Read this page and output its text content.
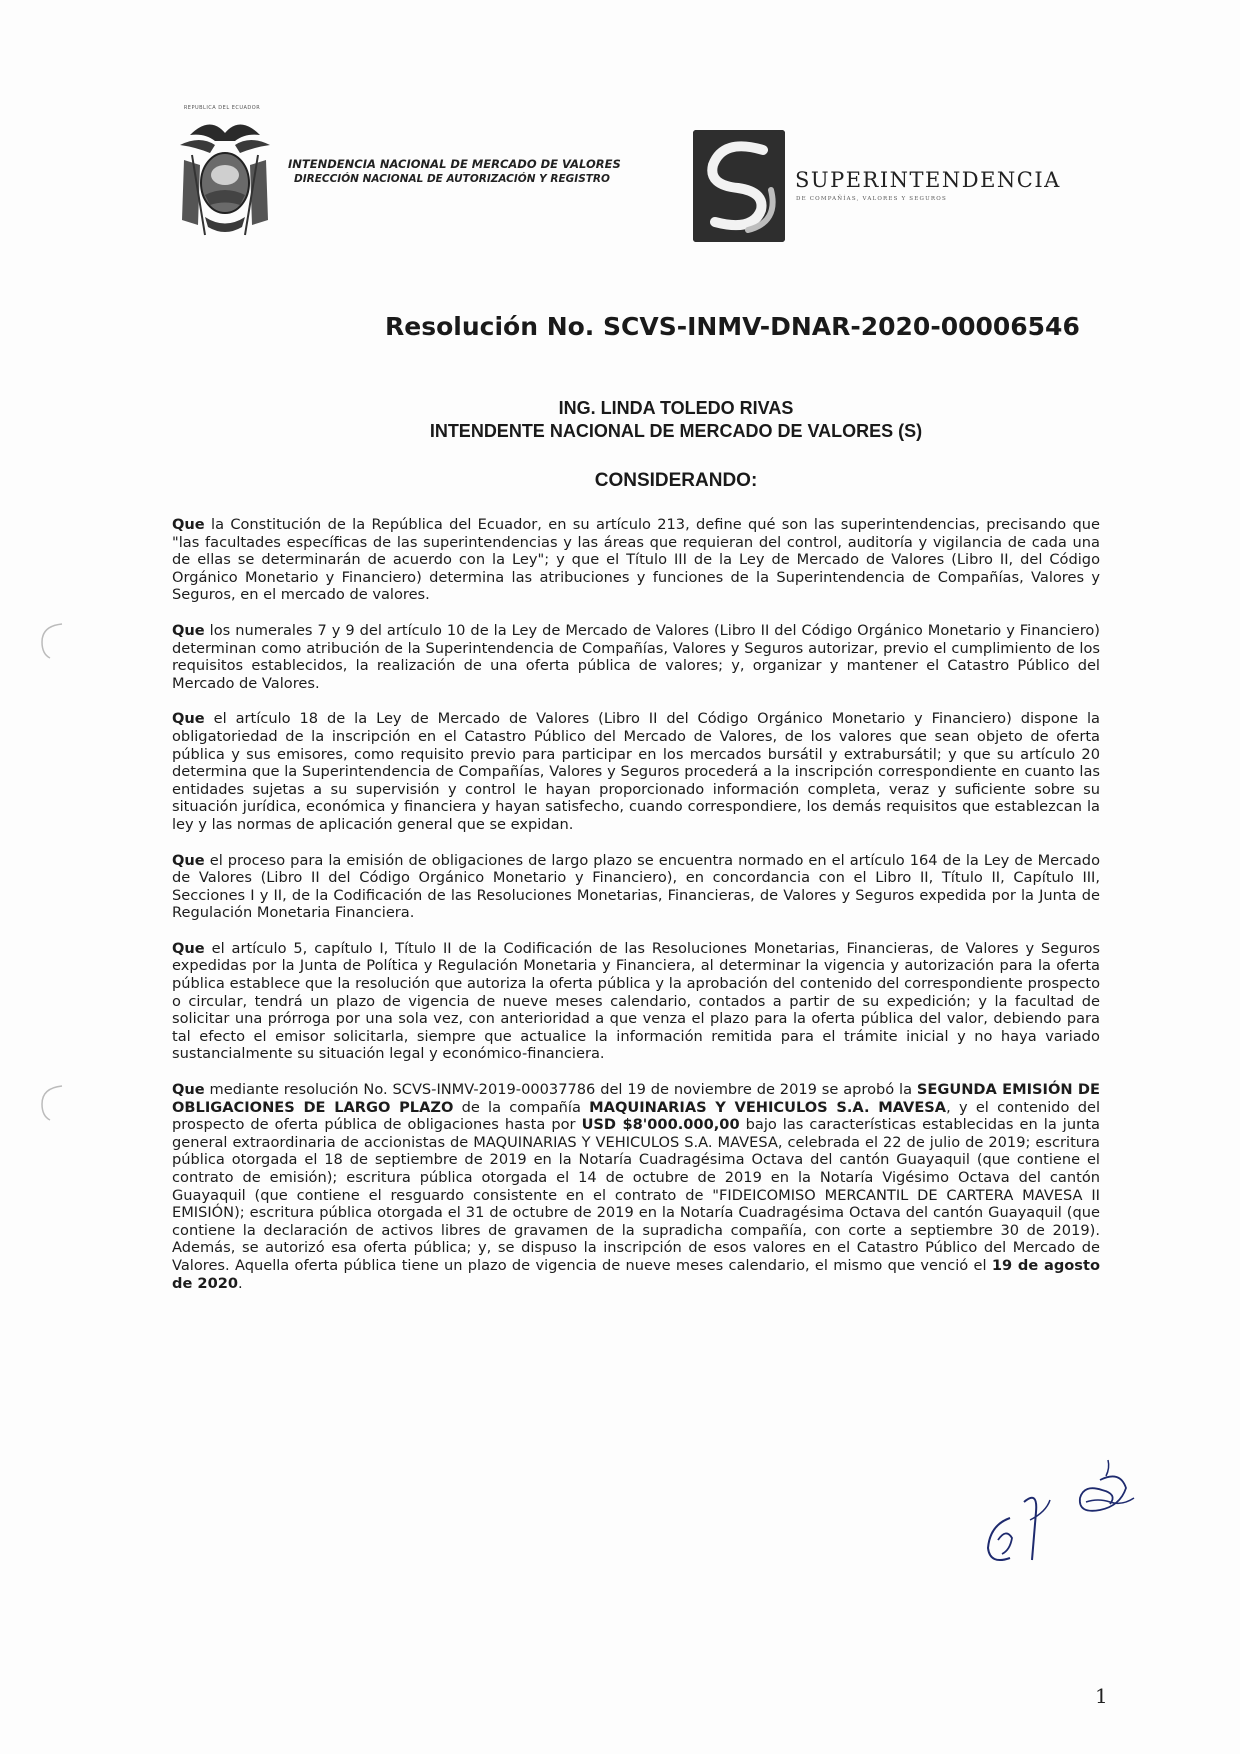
REPUBLICA DEL ECUADOR
INTENDENCIA NACIONAL DE MERCADO DE VALORES
DIRECCIÓN NACIONAL DE AUTORIZACIÓN Y REGISTRO	SUPERINTENDENCIA
DE COMPAÑÍAS, VALORES Y SEGUROS
Resolución No. SCVS-INMV-DNAR-2020-00006546
ING. LINDA TOLEDO RIVAS
INTENDENTE NACIONAL DE MERCADO DE VALORES (S)
CONSIDERANDO:

Que la Constitución de la República del Ecuador, en su artículo 213, define qué son las superintendencias, precisando que "las facultades específicas de las superintendencias y las áreas que requieran del control, auditoría y vigilancia de cada una de ellas se determinarán de acuerdo con la Ley"; y que el Título III de la Ley de Mercado de Valores (Libro II, del Código Orgánico Monetario y Financiero) determina las atribuciones y funciones de la Superintendencia de Compañías, Valores y Seguros, en el mercado de valores.

Que los numerales 7 y 9 del artículo 10 de la Ley de Mercado de Valores (Libro II del Código Orgánico Monetario y Financiero) determinan como atribución de la Superintendencia de Compañías, Valores y Seguros autorizar, previo el cumplimiento de los requisitos establecidos, la realización de una oferta pública de valores; y, organizar y mantener el Catastro Público del Mercado de Valores.

Que el artículo 18 de la Ley de Mercado de Valores (Libro II del Código Orgánico Monetario y Financiero) dispone la obligatoriedad de la inscripción en el Catastro Público del Mercado de Valores, de los valores que sean objeto de oferta pública y sus emisores, como requisito previo para participar en los mercados bursátil y extrabursátil; y que su artículo 20 determina que la Superintendencia de Compañías, Valores y Seguros procederá a la inscripción correspondiente en cuanto las entidades sujetas a su supervisión y control le hayan proporcionado información completa, veraz y suficiente sobre su situación jurídica, económica y financiera y hayan satisfecho, cuando correspondiere, los demás requisitos que establezcan la ley y las normas de aplicación general que se expidan.

Que el proceso para la emisión de obligaciones de largo plazo se encuentra normado en el artículo 164 de la Ley de Mercado de Valores (Libro II del Código Orgánico Monetario y Financiero), en concordancia con el Libro II, Título II, Capítulo III, Secciones I y II, de la Codificación de las Resoluciones Monetarias, Financieras, de Valores y Seguros expedida por la Junta de Regulación Monetaria Financiera.

Que el artículo 5, capítulo I, Título II de la Codificación de las Resoluciones Monetarias, Financieras, de Valores y Seguros expedidas por la Junta de Política y Regulación Monetaria y Financiera, al determinar la vigencia y autorización para la oferta pública establece que la resolución que autoriza la oferta pública y la aprobación del contenido del correspondiente prospecto o circular, tendrá un plazo de vigencia de nueve meses calendario, contados a partir de su expedición; y la facultad de solicitar una prórroga por una sola vez, con anterioridad a que venza el plazo para la oferta pública del valor, debiendo para tal efecto el emisor solicitarla, siempre que actualice la información remitida para el trámite inicial y no haya variado sustancialmente su situación legal y económico-financiera.

Que mediante resolución No. SCVS-INMV-2019-00037786 del 19 de noviembre de 2019 se aprobó la SEGUNDA EMISIÓN DE OBLIGACIONES DE LARGO PLAZO de la compañía MAQUINARIAS Y VEHICULOS S.A. MAVESA, y el contenido del prospecto de oferta pública de obligaciones hasta por USD $8'000.000,00 bajo las características establecidas en la junta general extraordinaria de accionistas de MAQUINARIAS Y VEHICULOS S.A. MAVESA, celebrada el 22 de julio de 2019; escritura pública otorgada el 18 de septiembre de 2019 en la Notaría Cuadragésima Octava del cantón Guayaquil (que contiene el contrato de emisión); escritura pública otorgada el 14 de octubre de 2019 en la Notaría Vigésimo Octava del cantón Guayaquil (que contiene el resguardo consistente en el contrato de "FIDEICOMISO MERCANTIL DE CARTERA MAVESA II EMISIÓN); escritura pública otorgada el 31 de octubre de 2019 en la Notaría Cuadragésima Octava del cantón Guayaquil (que contiene la declaración de activos libres de gravamen de la supradicha compañía, con corte a septiembre 30 de 2019). Además, se autorizó esa oferta pública; y, se dispuso la inscripción de esos valores en el Catastro Público del Mercado de Valores. Aquella oferta pública tiene un plazo de vigencia de nueve meses calendario, el mismo que venció el 19 de agosto de 2020.

1
